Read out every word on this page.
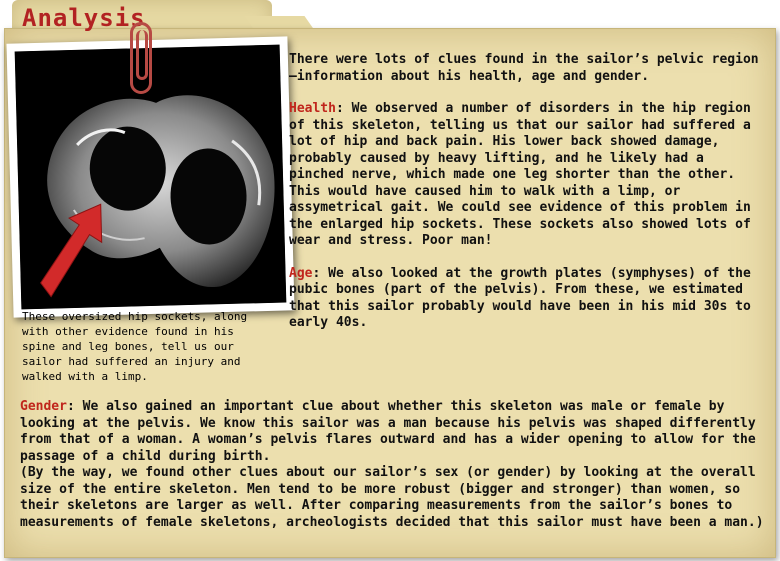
Analysis
These oversized hip sockets, along with other evidence found in his spine and leg bones, tell us our sailor had suffered an injury and walked with a limp.

There were lots of clues found in the sailor’s pelvic region—information about his health, age and gender.

Health: We observed a number of disorders in the hip region of this skeleton, telling us that our sailor had suffered a lot of hip and back pain. His lower back showed damage, probably caused by heavy lifting, and he likely had a pinched nerve, which made one leg shorter than the other. This would have caused him to walk with a limp, or assymetrical gait. We could see evidence of this problem in the enlarged hip sockets. These sockets also showed lots of wear and stress. Poor man!

Age: We also looked at the growth plates (symphyses) of the pubic bones (part of the pelvis). From these, we estimated that this sailor probably would have been in his mid 30s to early 40s.

Gender: We also gained an important clue about whether this skeleton was male or female by looking at the pelvis. We know this sailor was a man because his pelvis was shaped differently from that of a woman. A woman’s pelvis flares outward and has a wider opening to allow for the passage of a child during birth.

(By the way, we found other clues about our sailor’s sex (or gender) by looking at the overall size of the entire skeleton. Men tend to be more robust (bigger and stronger) than women, so their skeletons are larger as well. After comparing measurements from the sailor’s bones to measurements of female skeletons, archeologists decided that this sailor must have been a man.)
